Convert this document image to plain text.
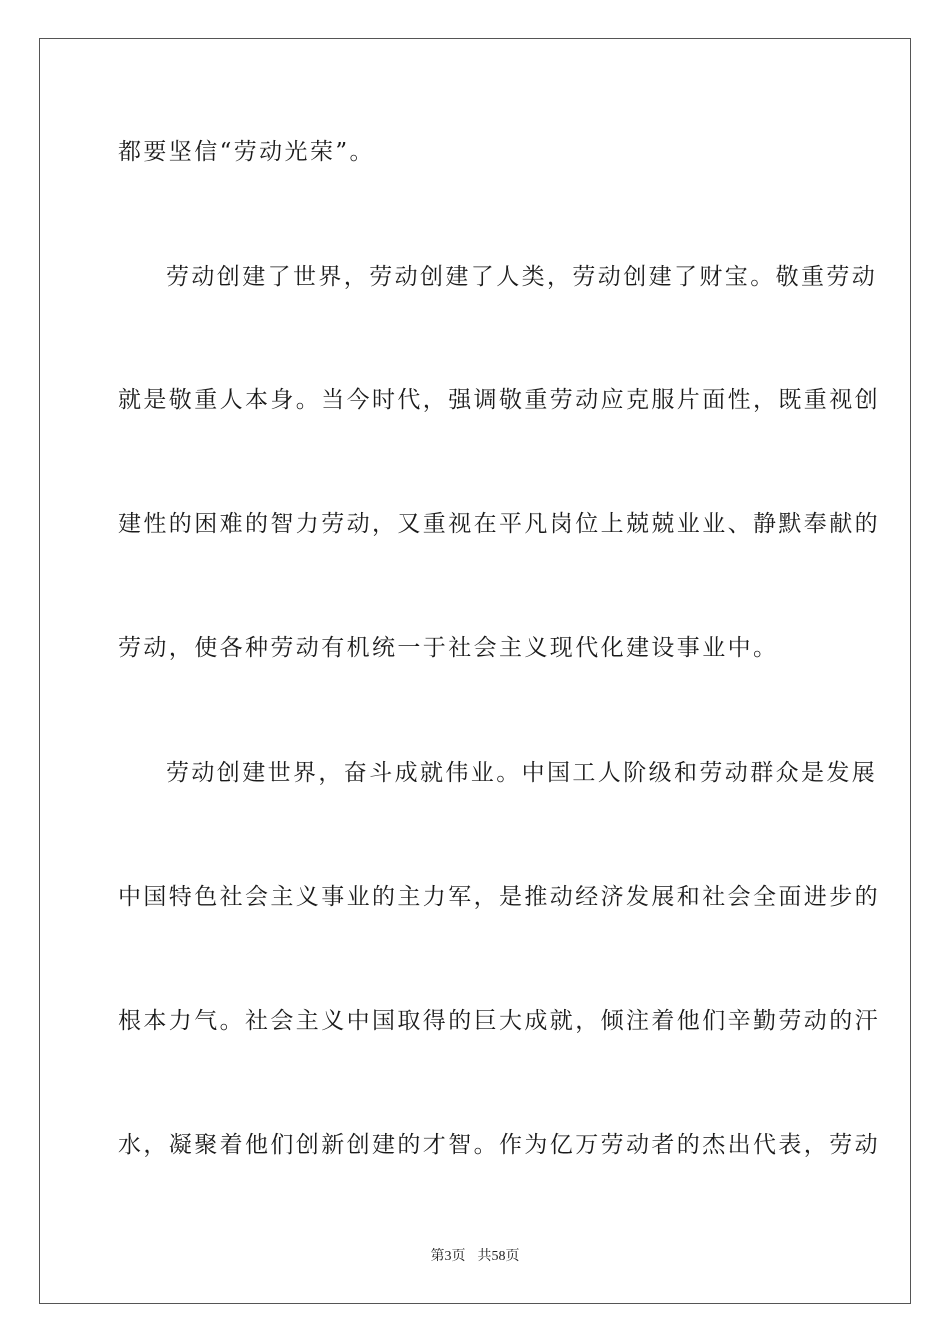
都要坚信“劳动光荣”。
劳动创建了世界，劳动创建了人类，劳动创建了财宝。敬重劳动
就是敬重人本身。当今时代，强调敬重劳动应克服片面性，既重视创
建性的困难的智力劳动，又重视在平凡岗位上兢兢业业、静默奉献的
劳动，使各种劳动有机统一于社会主义现代化建设事业中。
劳动创建世界，奋斗成就伟业。中国工人阶级和劳动群众是发展
中国特色社会主义事业的主力军，是推动经济发展和社会全面进步的
根本力气。社会主义中国取得的巨大成就，倾注着他们辛勤劳动的汗
水，凝聚着他们创新创建的才智。作为亿万劳动者的杰出代表，劳动
第3页 共58页
